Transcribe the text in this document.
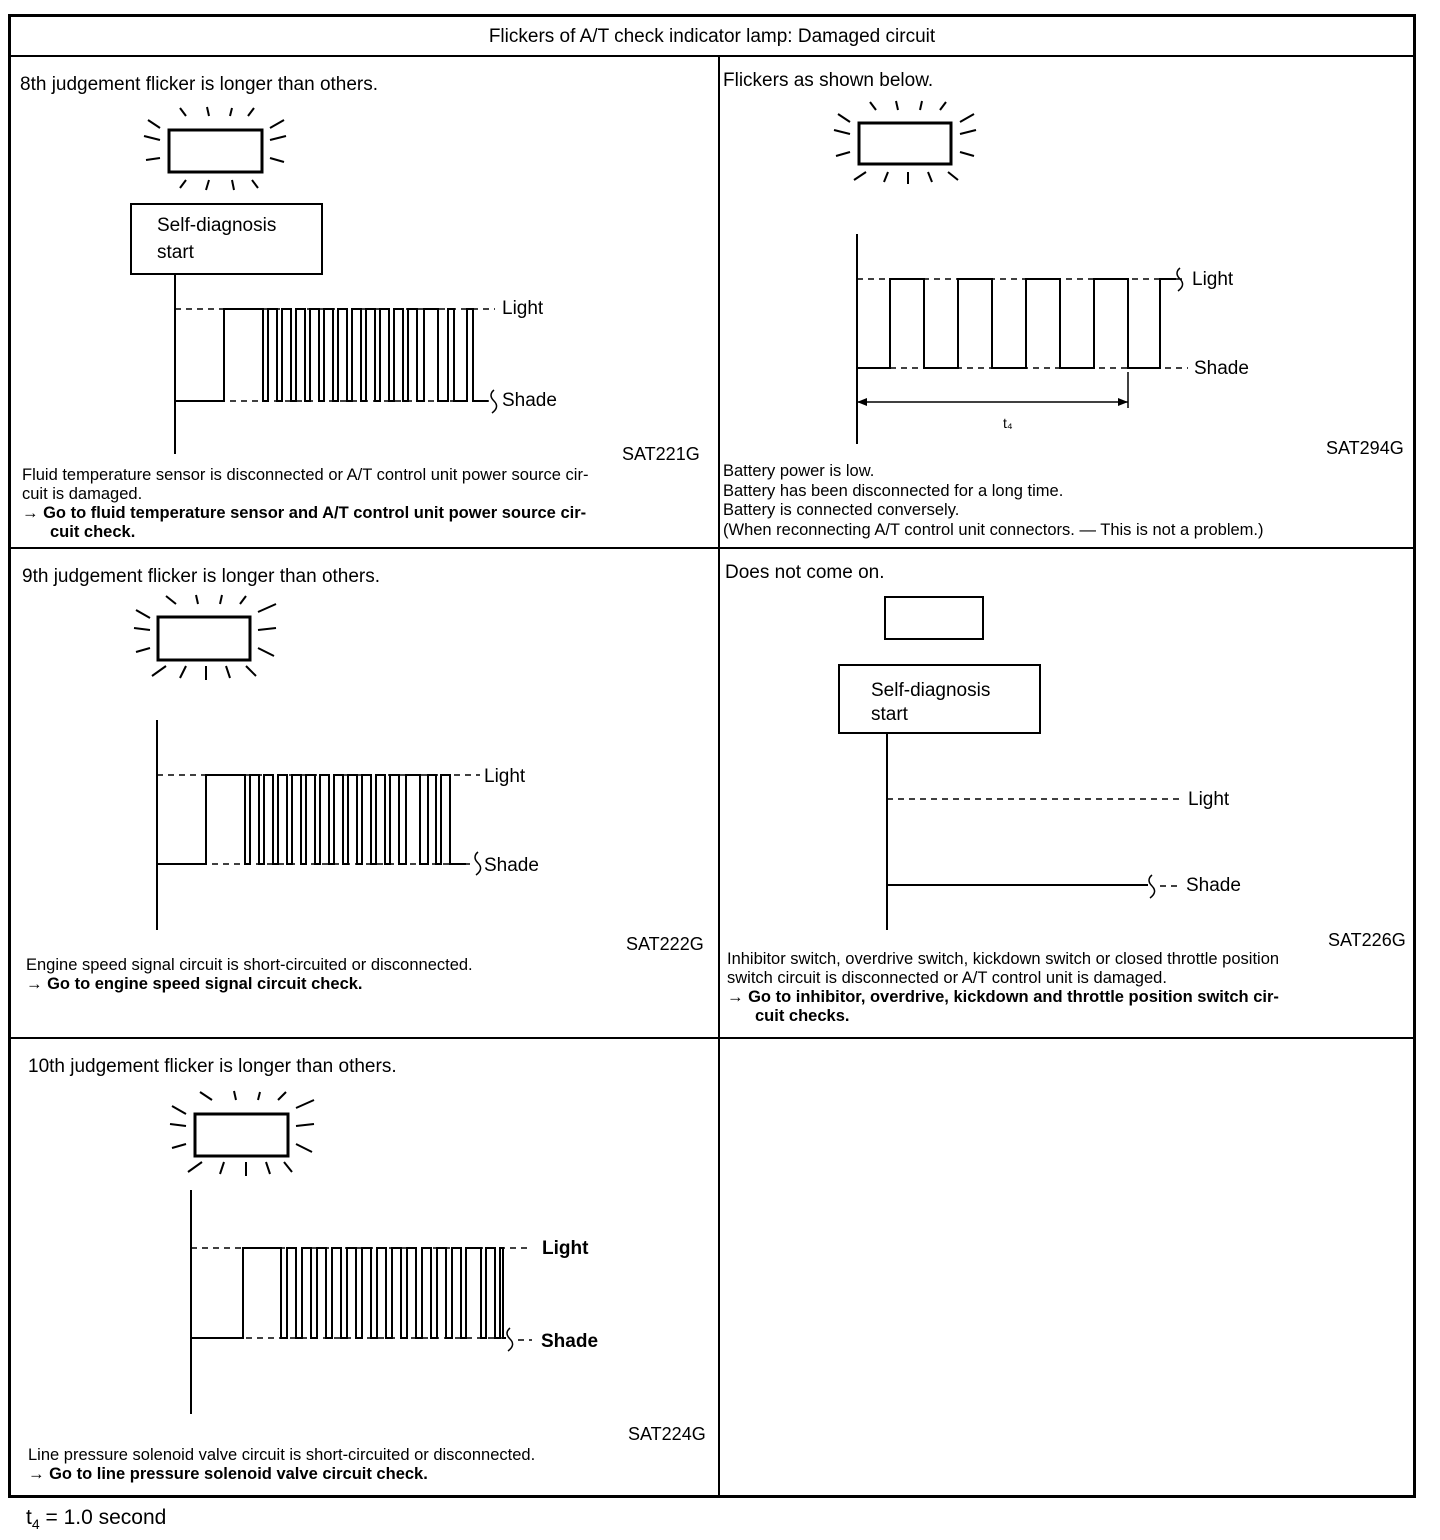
Flickers of A/T check indicator lamp: Damaged circuit
8th judgement flicker is longer than others.
Self-diagnosis
start
Light
Shade
SAT221G
Fluid temperature sensor is disconnected or A/T control unit power source cir-
cuit is damaged.
→ Go to fluid temperature sensor and A/T control unit power source cir-
cuit check.
Flickers as shown below.
Light
Shade
t₄
SAT294G
Battery power is low.
Battery has been disconnected for a long time.
Battery is connected conversely.
(When reconnecting A/T control unit connectors. — This is not a problem.)
9th judgement flicker is longer than others.
Light
Shade
SAT222G
Engine speed signal circuit is short-circuited or disconnected.
→ Go to engine speed signal circuit check.
Does not come on.
Self-diagnosis
start
Light
Shade
SAT226G
Inhibitor switch, overdrive switch, kickdown switch or closed throttle position
switch circuit is disconnected or A/T control unit is damaged.
→ Go to inhibitor, overdrive, kickdown and throttle position switch cir-
cuit checks.
10th judgement flicker is longer than others.
Light
Shade
SAT224G
Line pressure solenoid valve circuit is short-circuited or disconnected.
→ Go to line pressure solenoid valve circuit check.
$t_4 = 1.0$ second
